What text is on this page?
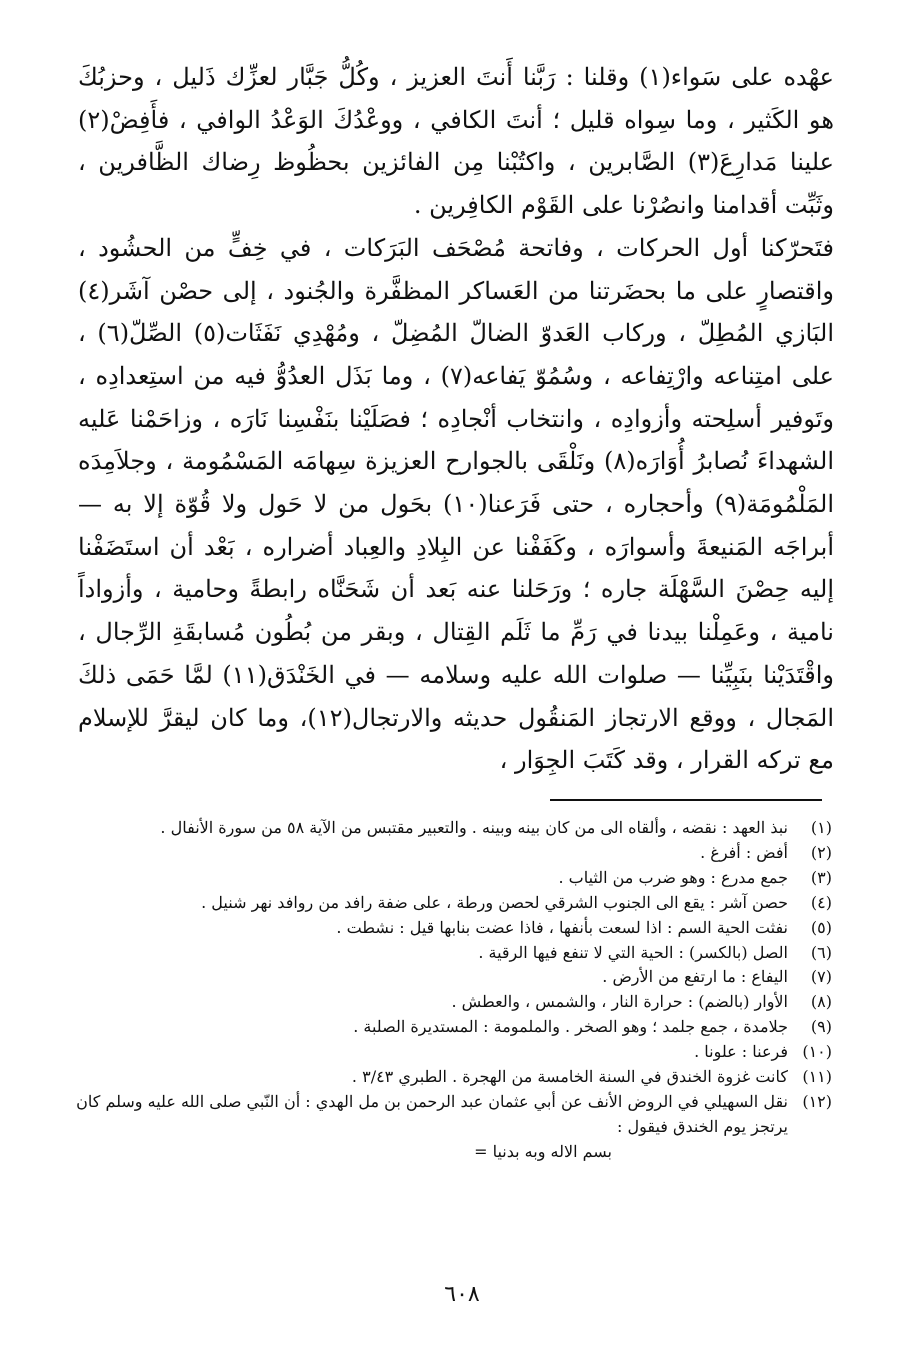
عهْده على سَواء(١) وقلنا : رَبَّنا أَنتَ العزيز ، وكُلُّ جَبَّار لعزِّك ذَليل ، وحزبُكَ هو الكَثير ، وما سِواه قليل ؛ أنتَ الكافي ، ووعْدُكَ الوَعْدُ الوافي ، فأَفِضْ(٢) علينا مَدارِعَ(٣) الصَّابرين ، واكتُبْنا مِن الفائزين بحظُوظ رِضاك الظَّافرين ، وثَبِّت أقدامنا وانصُرْنا على القَوْم الكافِرين .

فتَحرّكنا أول الحركات ، وفاتحة مُصْحَف البَرَكات ، في خِفٍّ من الحشُود ، واقتصارٍ على ما بحضَرتنا من العَساكر المظفَّرة والجُنود ، إلى حصْن آشَر(٤) البَازي المُطِلّ ، وركاب العَدوّ الضالّ المُضِلّ ، ومُهْدِي نَفَثَات(٥) الصِّلّ(٦) ، على امتِناعه وارْتِفاعه ، وسُمُوّ يَفاعه(٧) ، وما بَذَل العدُوُّ فيه من استِعدادِه ، وتَوفير أسلِحته وأزوادِه ، وانتخاب أنْجادِه ؛ فصَلَيْنا بنَفْسِنا نَارَه ، وزاحَمْنا عَليه الشهداءَ نُصابرُ أُوَارَه(٨) ونَلْقَى بالجوارح العزيزة سِهامَه المَسْمُومة ، وجلاَمِدَه المَلْمُومَة(٩) وأحجاره ، حتى فَرَعنا(١٠) بحَول من لا حَول ولا قُوّة إلا به — أبراجَه المَنيعةَ وأسوارَه ، وكَفَفْنا عن البِلادِ والعِباد أضراره ، بَعْد أن استَضَفْنا إليه حِصْنَ السَّهْلَة جاره ؛ ورَحَلنا عنه بَعد أن شَحَنَّاه رابطةً وحامية ، وأزواداً نامية ، وعَمِلْنا بيدنا في رَمِّ ما ثَلَم القِتال ، وبقر من بُطُون مُسابقَةِ الرِّجال ، واقْتَدَيْنا بنَبِيِّنا — صلوات الله عليه وسلامه — في الخَنْدَق(١١) لمَّا حَمَى ذلكَ المَجال ، ووقع الارتجاز المَنقُول حديثه والارتجال(١٢)، وما كان ليقرَّ للإسلام مع تركه القرار ، وقد كَتَبَ الجِوَار ،

(١)
نبذ العهد : نقضه ، وألقاه الى من كان بينه وبينه . والتعبير مقتبس من الآية ٥٨ من سورة الأنفال .
(٢)
أفض : أفرغ .
(٣)
جمع مدرع : وهو ضرب من الثياب .
(٤)
حصن آشر : يقع الى الجنوب الشرقي لحصن ورطة ، على ضفة رافد من روافد نهر شنيل .
(٥)
نفثت الحية السم : اذا لسعت بأنفها ، فاذا عضت بنابها قيل : نشطت .
(٦)
الصل (بالكسر) : الحية التي لا تنفع فيها الرقية .
(٧)
اليفاع : ما ارتفع من الأرض .
(٨)
الأوار (بالضم) : حرارة النار ، والشمس ، والعطش .
(٩)
جلامدة ، جمع جلمد ؛ وهو الصخر . والملمومة : المستديرة الصلبة .
(١٠)
فرعنا : علونا .
(١١)
كانت غزوة الخندق في السنة الخامسة من الهجرة . الطبري ٣/٤٣ .
(١٢)
نقل السهيلي في الروض الأنف عن أبي عثمان عبد الرحمن بن مل الهدي : أن النّبي صلى الله عليه وسلم كان يرتجز يوم الخندق فيقول :
بسم الاله وبه بدنيا =
٦٠٨
